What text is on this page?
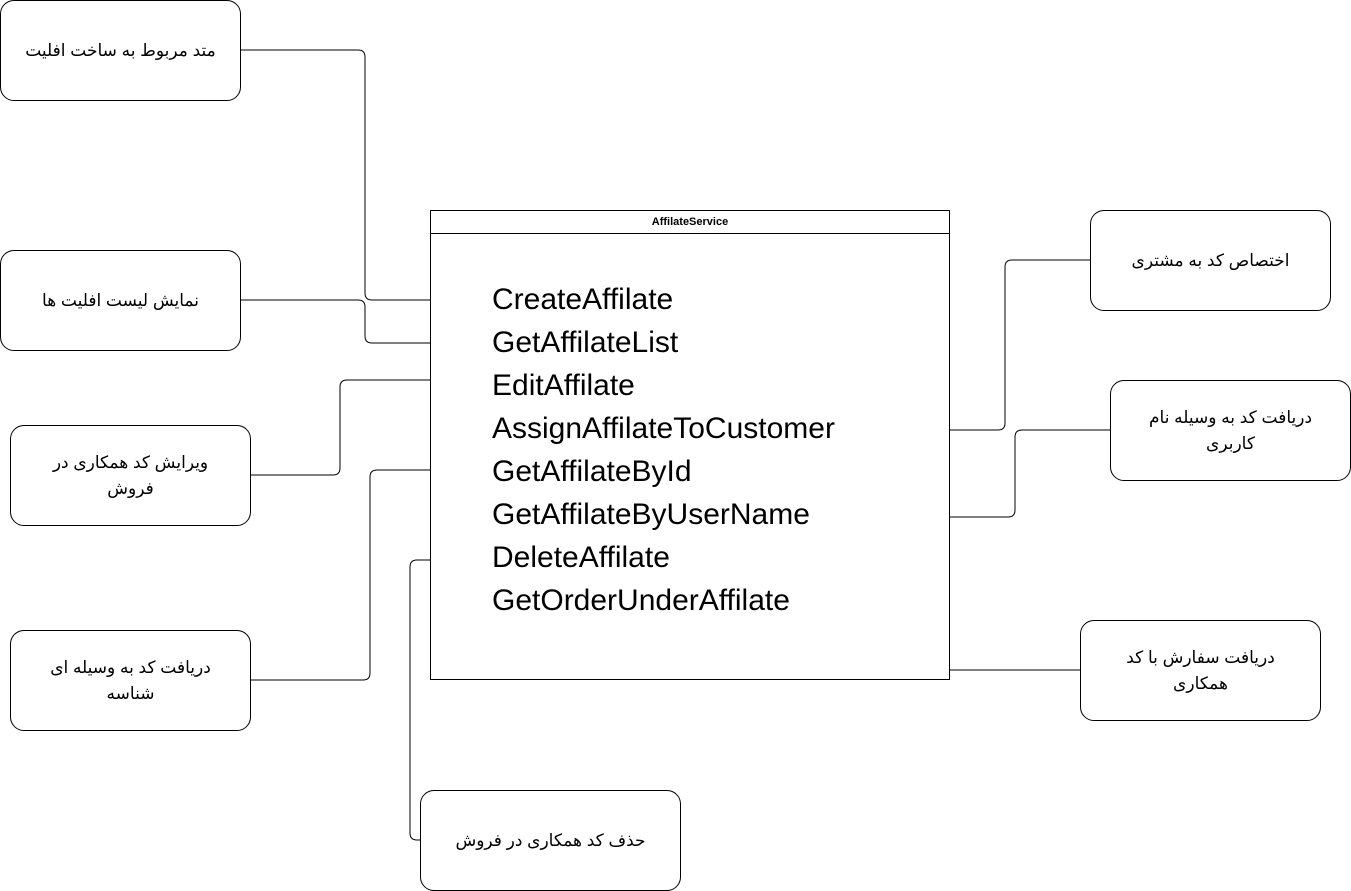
AffilateService
CreateAffilate
GetAffilateList
EditAffilate
AssignAffilateToCustomer
GetAffilateById
GetAffilateByUserName
DeleteAffilate
GetOrderUnderAffilate
متد مربوط به ساخت افلیت
نمایش لیست افلیت ها
ویرایش کد همکاری در فروش
دریافت کد به وسیله ای شناسه
حذف کد همکاری در فروش
اختصاص کد به مشتری
دریافت کد به وسیله نام کاربری
دریافت سفارش با کد همکاری
